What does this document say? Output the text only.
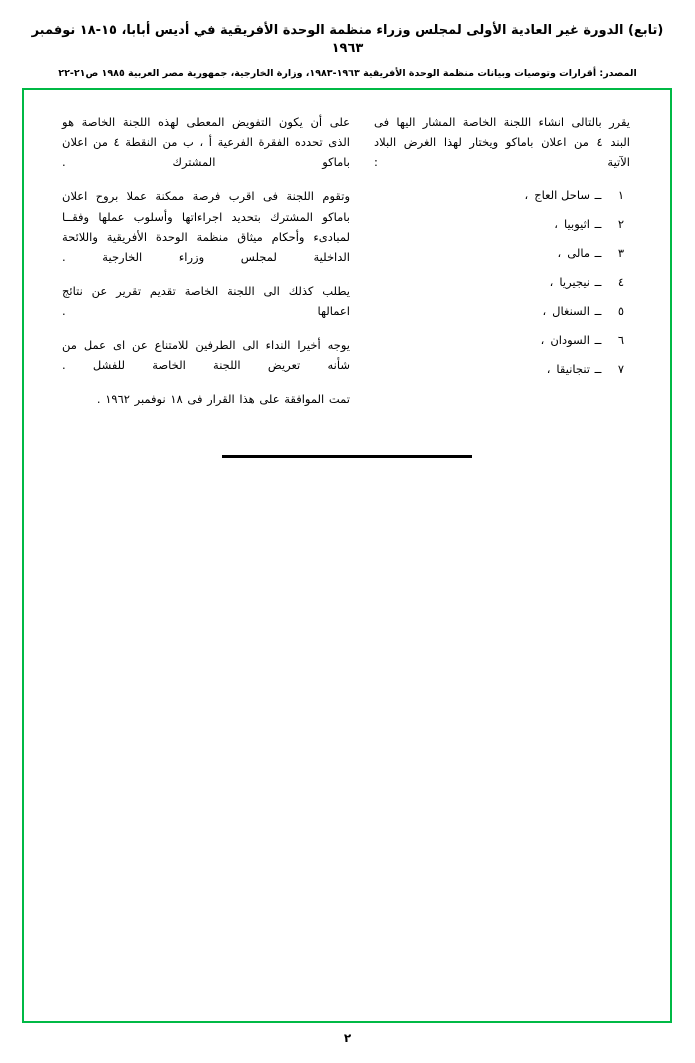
(تابع) الدورة غير العادية الأولى لمجلس وزراء منظمة الوحدة الأفريقية في أديس أبابا، ١٥-١٨ نوفمبر ١٩٦٣
المصدر: أقرارات وتوصيات وبيانات منظمة الوحدة الأفريقية ١٩٦٣-١٩٨٣، وزارة الخارجية، جمهورية مصر العربية ١٩٨٥ ص٢١-٢٢

يقرر بالتالى انشاء اللجنة الخاصة المشار اليها فى البند ٤ من اعلان باماكو ويختار لهذا الغرض البلاد الآتية :

١
ــ
ساحل العاج
،
٢
ــ
اثيوبيا
،
٣
ــ
مالى
،
٤
ــ
نيجيريا
،
٥
ــ
السنغال
،
٦
ــ
السودان
،
٧
ــ
تنجانيقا
،

على أن يكون التفويض المعطى لهذه اللجنة الخاصة هو الذى تحدده الفقرة الفرعية أ ، ب من النقطة ٤ من اعلان باماكو المشترك .

وتقوم اللجنة فى اقرب فرصة ممكنة عملا بروح اعلان باماكو المشترك بتحديد اجراءاتها وأسلوب عملها وفقــا لمبادىء وأحكام ميثاق منظمة الوحدة الأفريقية واللائحة الداخلية لمجلس وزراء الخارجية .

يطلب كذلك الى اللجنة الخاصة تقديم تقرير عن نتائج اعمالها .

يوجه أخيرا النداء الى الطرفين للامتناع عن اى عمل من شأنه تعريض اللجنة الخاصة للفشل .

تمت الموافقة على هذا القرار فى ١٨ نوفمبر ١٩٦٢ .

٢
